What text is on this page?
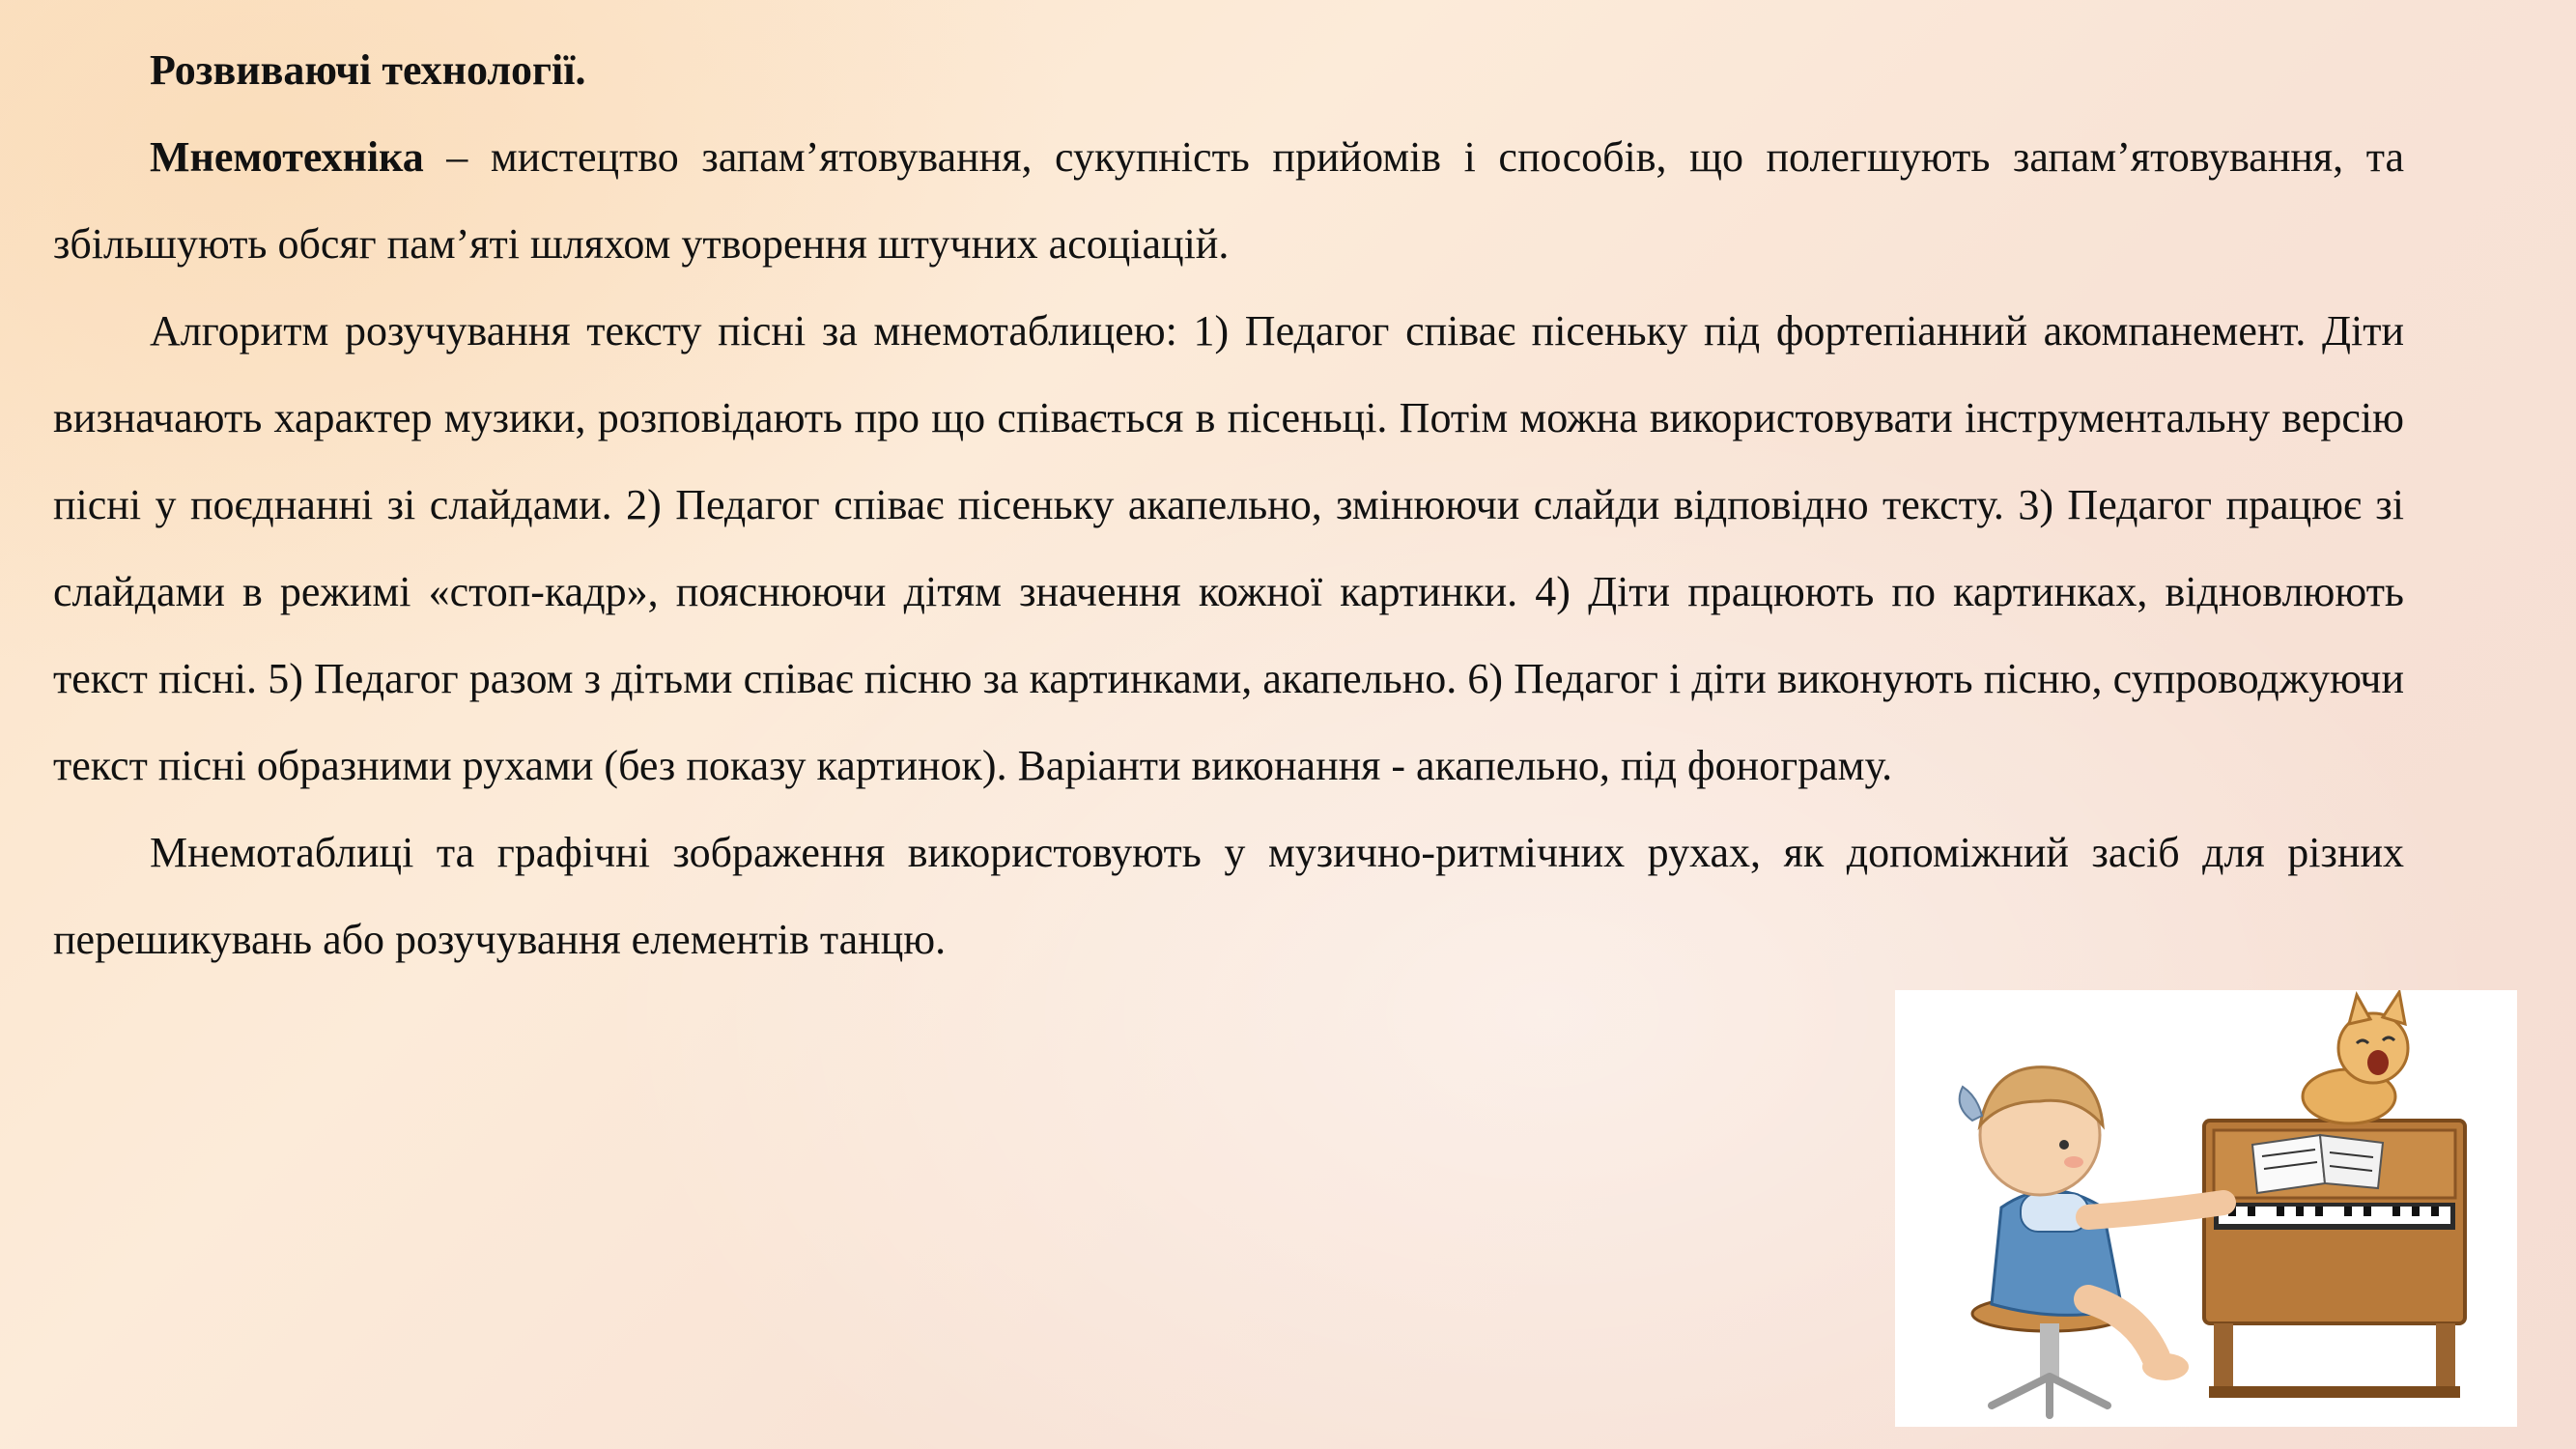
Розвиваючі технології.

Мнемотехніка – мистецтво запам’ятовування, сукупність прийомів і способів, що полегшують запам’ятовування, та збільшують обсяг пам’яті шляхом утворення штучних асоціацій.

Алгоритм розучування тексту пісні за мнемотаблицею: 1) Педагог співає пісеньку під фортепіанний акомпанемент. Діти визначають характер музики, розповідають про що співається в пісеньці. Потім можна використовувати інструментальну версію пісні у поєднанні зі слайдами. 2) Педагог співає пісеньку акапельно, змінюючи слайди відповідно тексту. 3) Педагог працює зі слайдами в режимі «стоп-кадр», пояснюючи дітям значення кожної картинки. 4) Діти працюють по картинках, відновлюють текст пісні. 5) Педагог разом з дітьми співає пісню за картинками, акапельно. 6) Педагог і діти виконують пісню, супроводжуючи текст пісні образними рухами (без показу картинок). Варіанти виконання - акапельно, під фонограму.

Мнемотаблиці та графічні зображення використовують у музично-ритмічних рухах, як допоміжний засіб для різних перешикувань або розучування елементів танцю.
